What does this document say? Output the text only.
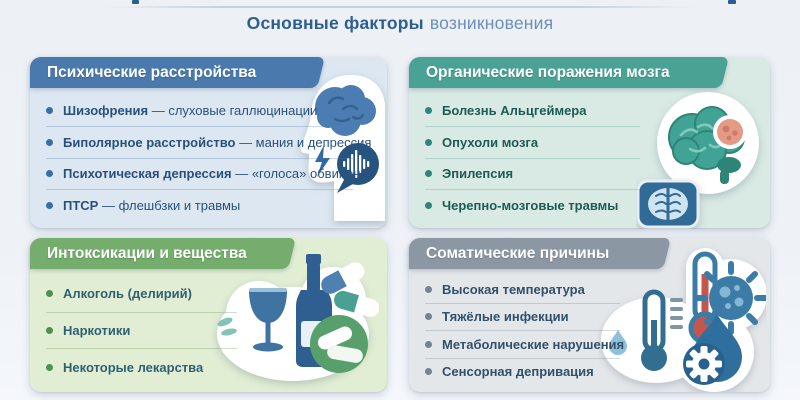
Основные факторы возникновения
Психические расстройства
Шизофрения — слуховые галлюцинации
Биполярное расстройство — мания и депрессия
Психотическая депрессия — «голоса» обвинения
ПТСР — флешбзки и травмы
Органические поражения мозга
Болезнь Альцгеймера
Опухоли мозга
Эпилепсия
Черепно-мозговые травмы
Интоксикации и вещества
Алкоголь (делирий)
Наркотики
Некоторые лекарства
Соматические причины
Высокая температура
Тяжёлые инфекции
Метаболические нарушения
Сенсорная депривация
